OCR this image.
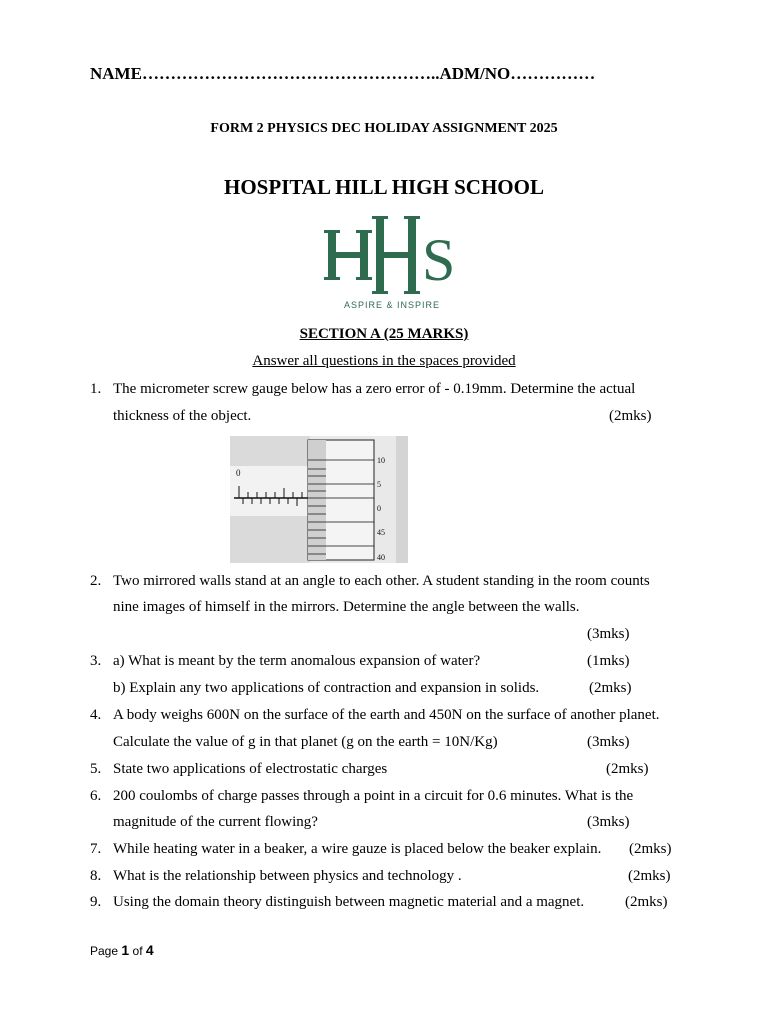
NAME……………………………………………..ADM/NO……………
FORM 2 PHYSICS DEC HOLIDAY ASSIGNMENT 2025
HOSPITAL HILL HIGH SCHOOL
S
ASPIRE & INSPIRE
SECTION A (25 MARKS)
Answer all questions in the spaces provided
1. The micrometer screw gauge below has a zero error of - 0.19mm. Determine the actual
thickness of the object.	(2mks)
0
10
5
0
45
40
2. Two mirrored walls stand at an angle to each other. A student standing in the room counts
nine images of himself in the mirrors. Determine the angle between the walls.
(3mks)
3. a) What is meant by the term anomalous expansion of water?	(1mks)
b) Explain any two applications of contraction and expansion in solids.	(2mks)
4. A body weighs 600N on the surface of the earth and 450N on the surface of another planet.
Calculate the value of g in that planet (g on the earth = 10N/Kg)	(3mks)
5. State two applications of electrostatic charges	(2mks)
6. 200 coulombs of charge passes through a point in a circuit for 0.6 minutes. What is the
magnitude of the current flowing?	(3mks)
7. While heating water in a beaker, a wire gauze is placed below the beaker explain. (2mks)
8. What is the relationship between physics and technology .	(2mks)
9. Using the domain theory distinguish between magnetic material and a magnet.	(2mks)
Page 1 of 4
